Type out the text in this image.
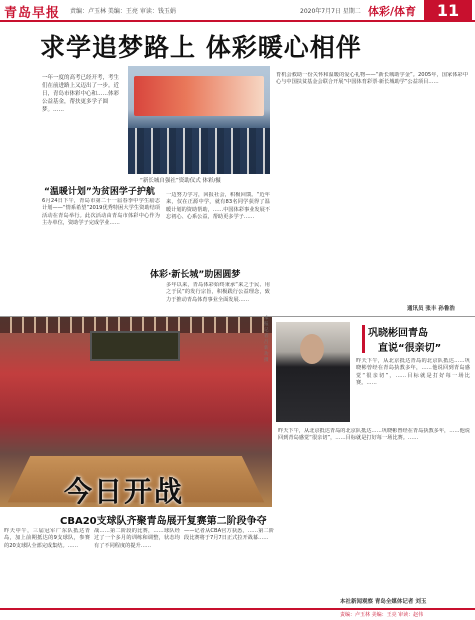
青岛早报 责编：卢玉林 美编：王亮 审读：钱玉娟	2020年7月7日 星期二 体彩/体育	11
求学追梦路上 体彩暖心相伴
一年一度的高考已经开考，考生们在前进路上又迈出了一步。近日，青岛市体彩中心和……体彩公益基金，帮扶更多学子圆梦。……
“温暖计划”为贫困学子护航
6月24日下午，青岛市第二十一届春季中学生励志计划——“情系希望”2019优秀特困大学生资助结项活动在青岛举行。此次活动由青岛市体彩中心作为主办单位，资助学子完成学业……
“新长城自强社”资助仪式 体彩/摄
一边努力学习，回报社会，积极回馈。“近年来，仅在正源中学，就有83名同学获得了温暖计划的资助帮助，……中国体彩事业发展不忘初心、心系公益，帮助更多学子……
体彩·新长城”助困圆梦
多年以来，青岛体彩始终秉承“来之于民、用之于民”的发行宗旨，积极践行公益理念，致力于推动青岛体育事业全面发展……
育机会救助一份关怀和温暖的爱心礼物——“新长城助学金”。2005年，国家体彩中心与中国扶贫基金会联合开展“中国体育彩票·新长城助学”公益项目……
通讯员 张丰 孙鲁浩
今日开战
CBA20支球队齐聚青岛展开复赛第二阶段争夺
昨天中午，三届冠军广东队抵达青岛，加上前期抵达的9支球队，参赛的20支球队全部完成集结。……
战……第二阶段的比赛，……球队经过了一个多月的训练和调整，状态均有了不同程度的提升……
——记者从CBA官方获悉，……第二阶段比赛将于7月7日正式拉开战幕……
本报记者吕新功摄
巩晓彬回青岛
直说“很亲切”
昨天下午，从北京抵达青岛的北京队抵达……巩晓彬曾经在青岛执教多年，……他说回到青岛感觉“很亲切”，……目标就是打好每一场比赛。……
昨天下午，从北京抵达青岛的北京队抵达……巩晓彬曾经在青岛执教多年，……他说回到青岛感觉“很亲切”，……目标就是打好每一场比赛。……
本社新闻观察 青岛全媒体记者 刘玉
责编：卢玉林 美编：王亮 审读：赵伟
